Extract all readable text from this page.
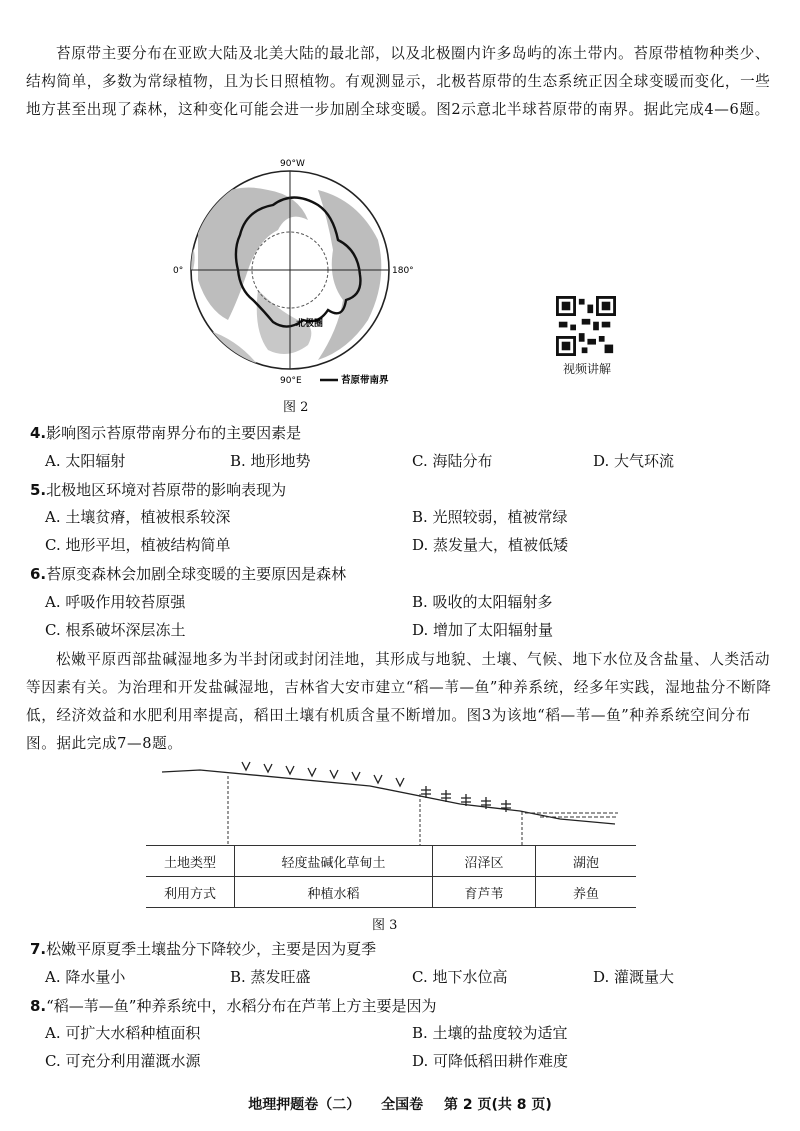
苔原带主要分布在亚欧大陆及北美大陆的最北部，以及北极圈内许多岛屿的冻土带内。苔原带植物种类少、结构简单，多数为常绿植物，且为长日照植物。有观测显示，北极苔原带的生态系统正因全球变暖而变化，一些地方甚至出现了森林，这种变化可能会进一步加剧全球变暖。图2示意北半球苔原带的南界。据此完成4—6题。
90°W
90°E
0°	180°
北极圈
苔原带南界
图 2
视频讲解
4.影响图示苔原带南界分布的主要因素是
A. 太阳辐射	B. 地形地势	C. 海陆分布	D. 大气环流
5.北极地区环境对苔原带的影响表现为
A. 土壤贫瘠，植被根系较深	B. 光照较弱，植被常绿
C. 地形平坦，植被结构简单	D. 蒸发量大，植被低矮
6.苔原变森林会加剧全球变暖的主要原因是森林
A. 呼吸作用较苔原强	B. 吸收的太阳辐射多
C. 根系破坏深层冻土	D. 增加了太阳辐射量
松嫩平原西部盐碱湿地多为半封闭或封闭洼地，其形成与地貌、土壤、气候、地下水位及含盐量、人类活动等因素有关。为治理和开发盐碱湿地，吉林省大安市建立“稻—苇—鱼”种养系统，经多年实践，湿地盐分不断降低，经济效益和水肥利用率提高，稻田土壤有机质含量不断增加。图3为该地“稻—苇—鱼”种养系统空间分布图。据此完成7—8题。
土地类型	轻度盐碱化草甸土	沼泽区	湖泡
利用方式	种植水稻	育芦苇	养鱼
图 3
7.松嫩平原夏季土壤盐分下降较少，主要是因为夏季
A. 降水量小	B. 蒸发旺盛	C. 地下水位高	D. 灌溉量大
8.“稻—苇—鱼”种养系统中，水稻分布在芦苇上方主要是因为
A. 可扩大水稻种植面积	B. 土壤的盐度较为适宜
C. 可充分利用灌溉水源	D. 可降低稻田耕作难度
地理押题卷（二） 全国卷 第 2 页(共 8 页)
